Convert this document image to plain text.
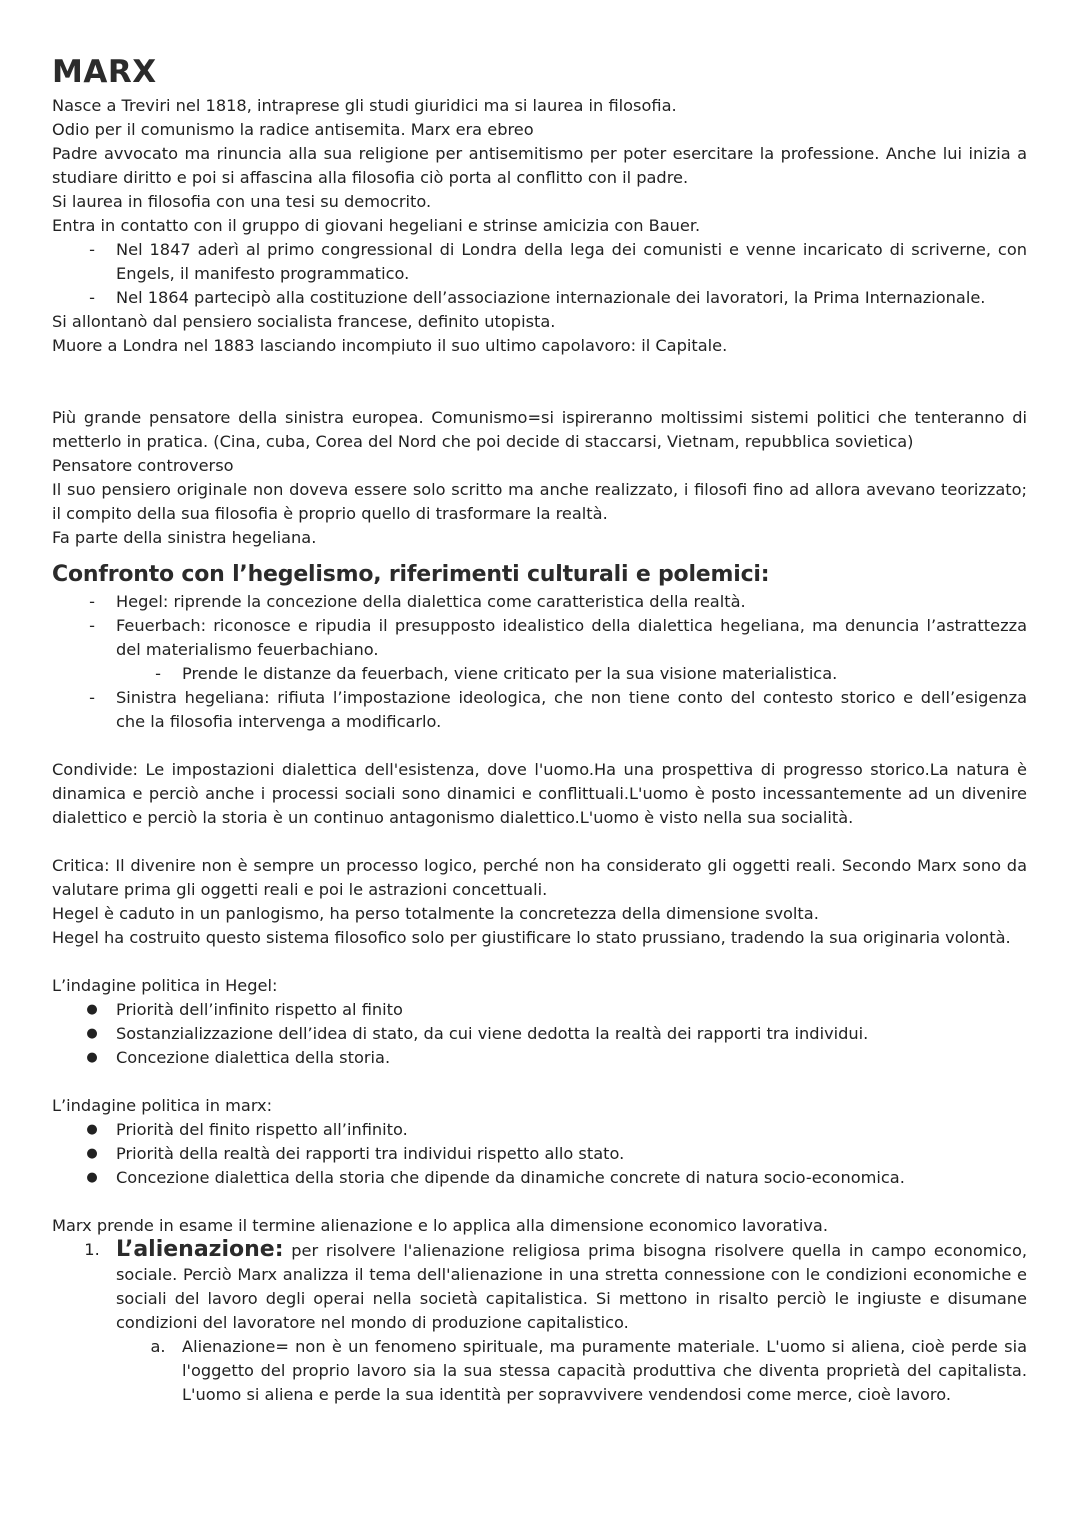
MARX

Nasce a Treviri nel 1818, intraprese gli studi giuridici ma si laurea in filosofia.

Odio per il comunismo la radice antisemita. Marx era ebreo

Padre avvocato ma rinuncia alla sua religione per antisemitismo per poter esercitare la professione. Anche lui inizia a studiare diritto e poi si affascina alla filosofia ciò porta al conflitto con il padre.

Si laurea in filosofia con una tesi su democrito.

Entra in contatto con il gruppo di giovani hegeliani e strinse amicizia con Bauer.

-	Nel 1847 aderì al primo congressional di Londra della lega dei comunisti e venne incaricato di scriverne, con Engels, il manifesto programmatico.
-	Nel 1864 partecipò alla costituzione dell’associazione internazionale dei lavoratori, la Prima Internazionale.

Si allontanò dal pensiero socialista francese, definito utopista.

Muore a Londra nel 1883 lasciando incompiuto il suo ultimo capolavoro: il Capitale.

Più grande pensatore della sinistra europea. Comunismo=si ispireranno moltissimi sistemi politici che tenteranno di metterlo in pratica. (Cina, cuba, Corea del Nord che poi decide di staccarsi, Vietnam, repubblica sovietica)

Pensatore controverso

Il suo pensiero originale non doveva essere solo scritto ma anche realizzato, i filosofi fino ad allora avevano teorizzato; il compito della sua filosofia è proprio quello di trasformare la realtà.

Fa parte della sinistra hegeliana.

Confronto con l’hegelismo, riferimenti culturali e polemici:
-	Hegel: riprende la concezione della dialettica come caratteristica della realtà.
-	Feuerbach: riconosce e ripudia il presupposto idealistico della dialettica hegeliana, ma denuncia l’astrattezza del materialismo feuerbachiano.
-	Prende le distanze da feuerbach, viene criticato per la sua visione materialistica.
-	Sinistra hegeliana: rifiuta l’impostazione ideologica, che non tiene conto del contesto storico e dell’esigenza che la filosofia intervenga a modificarlo.

Condivide: Le impostazioni dialettica dell'esistenza, dove l'uomo.Ha una prospettiva di progresso storico.La natura è dinamica e perciò anche i processi sociali sono dinamici e conflittuali.L'uomo è posto incessantemente ad un divenire dialettico e perciò la storia è un continuo antagonismo dialettico.L'uomo è visto nella sua socialità.

Critica: Il divenire non è sempre un processo logico, perché non ha considerato gli oggetti reali. Secondo Marx sono da valutare prima gli oggetti reali e poi le astrazioni concettuali.

Hegel è caduto in un panlogismo, ha perso totalmente la concretezza della dimensione svolta.

Hegel ha costruito questo sistema filosofico solo per giustificare lo stato prussiano, tradendo la sua originaria volontà.

L’indagine politica in Hegel:

● Priorità dell’infinito rispetto al finito
● Sostanzializzazione dell’idea di stato, da cui viene dedotta la realtà dei rapporti tra individui.
● Concezione dialettica della storia.

L’indagine politica in marx:

● Priorità del finito rispetto all’infinito.
● Priorità della realtà dei rapporti tra individui rispetto allo stato.
● Concezione dialettica della storia che dipende da dinamiche concrete di natura socio-economica.

Marx prende in esame il termine alienazione e lo applica alla dimensione economico lavorativa.

1. L’alienazione: per risolvere l'alienazione religiosa prima bisogna risolvere quella in campo economico, sociale. Perciò Marx analizza il tema dell'alienazione in una stretta connessione con le condizioni economiche e sociali del lavoro degli operai nella società capitalistica. Si mettono in risalto perciò le ingiuste e disumane condizioni del lavoratore nel mondo di produzione capitalistico.
a. Alienazione= non è un fenomeno spirituale, ma puramente materiale. L'uomo si aliena, cioè perde sia l'oggetto del proprio lavoro sia la sua stessa capacità produttiva che diventa proprietà del capitalista. L'uomo si aliena e perde la sua identità per sopravvivere vendendosi come merce, cioè lavoro.
